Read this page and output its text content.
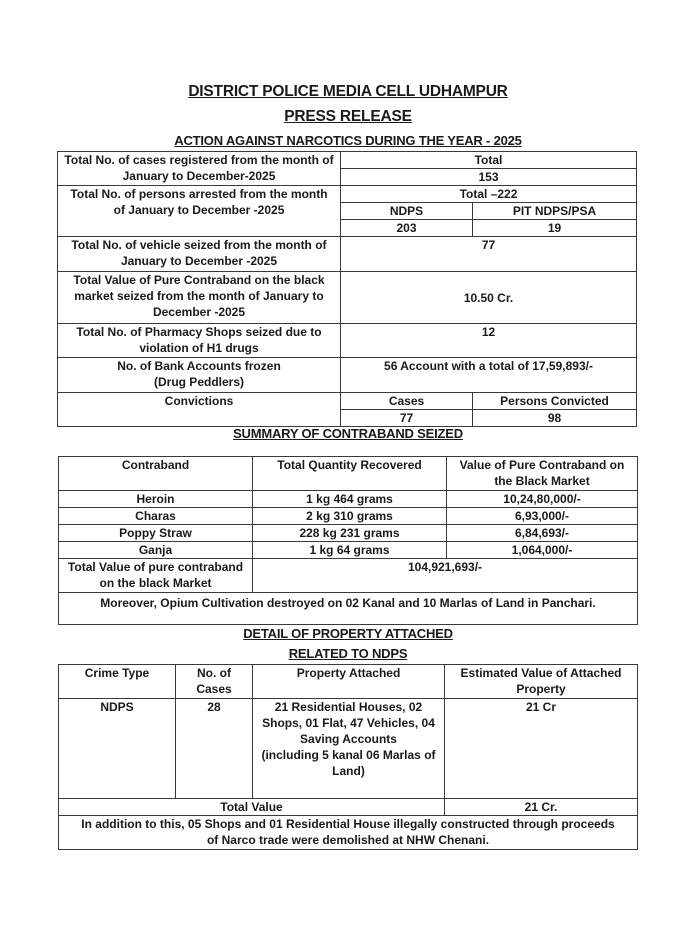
DISTRICT POLICE MEDIA CELL UDHAMPUR
PRESS RELEASE
ACTION AGAINST NARCOTICS DURING THE YEAR - 2025
Total No. of cases registered from the month of January to December-2025	Total	
	153	
Total No. of persons arrested from the month of January to December -2025	Total –222	
	NDPS	PIT NDPS/PSA
	203	19
Total No. of vehicle seized from the month of January to December -2025	77	
Total Value of Pure Contraband on the black market seized from the month of January to December -2025	10.50 Cr.	
Total No. of Pharmacy Shops seized due to violation of H1 drugs	12	

No. of Bank Accounts frozen
(Drug Peddlers)	56 Account with a total of 17,59,893/-	
Convictions	Cases	Persons Convicted
	77	98
SUMMARY OF CONTRABAND SEIZED
Contraband	Total Quantity Recovered	Value of Pure Contraband on the Black Market
Heroin	1 kg 464 grams	10,24,80,000/-
Charas	2 kg 310 grams	6,93,000/-
Poppy Straw	228 kg 231 grams	6,84,693/-
Ganja	1 kg 64 grams	1,064,000/-
Total Value of pure contraband on the black Market	104,921,693/-	
Moreover, Opium Cultivation destroyed on 02 Kanal and 10 Marlas of Land in Panchari.		
DETAIL OF PROPERTY ATTACHED
RELATED TO NDPS
Crime Type	No. of Cases	Property Attached	Estimated Value of Attached Property
NDPS	28	21 Residential Houses, 02 Shops, 01 Flat, 47 Vehicles, 04 Saving Accounts
(including 5 kanal 06 Marlas of Land)	21 Cr
Total Value			21 Cr.
In addition to this, 05 Shops and 01 Residential House illegally constructed through proceeds of Narco trade were demolished at NHW Chenani.			
